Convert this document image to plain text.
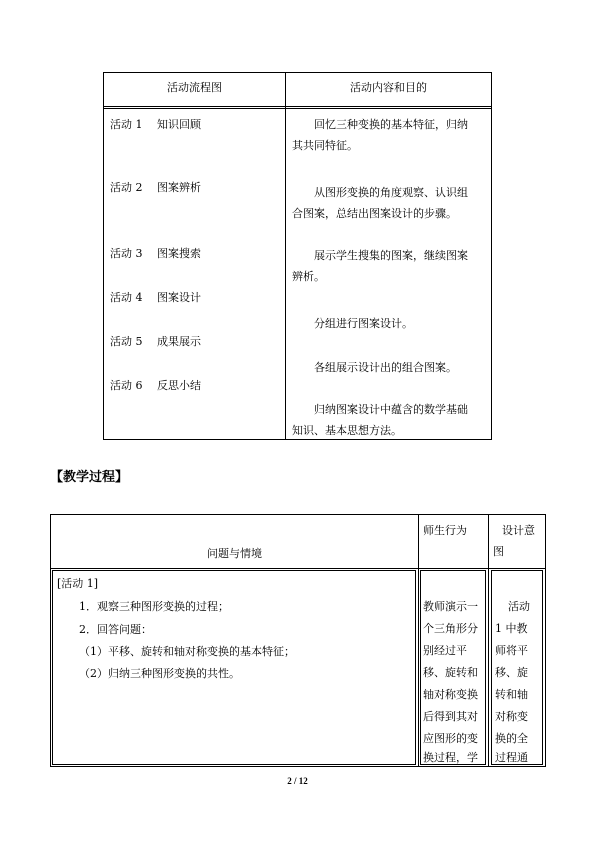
活动流程图	活动内容和目的
活动 1　 知识回顾
活动 2　 图案辨析
活动 3　 图案搜索
活动 4　 图案设计
活动 5　 成果展示
活动 6　 反思小结
回忆三种变换的基本特征，归纳
其共同特征。
从图形变换的角度观察、认识组
合图案，总结出图案设计的步骤。
展示学生搜集的图案，继续图案
辨析。
分组进行图案设计。
各组展示设计出的组合图案。
归纳图案设计中蕴含的数学基础
知识、基本思想方法。
【教学过程】
问题与情境
师生行为	设计意
图
[活动 1]
1．观察三种图形变换的过程；
2．回答问题：
（1）平移、旋转和轴对称变换的基本特征；
（2）归纳三种图形变换的共性。
教师演示一
个三角形分
别经过平
移、旋转和
轴对称变换
后得到其对
应图形的变
换过程，学
活动
1 中教
师将平
移、旋
转和轴
对称变
换的全
过程通
2 / 12
